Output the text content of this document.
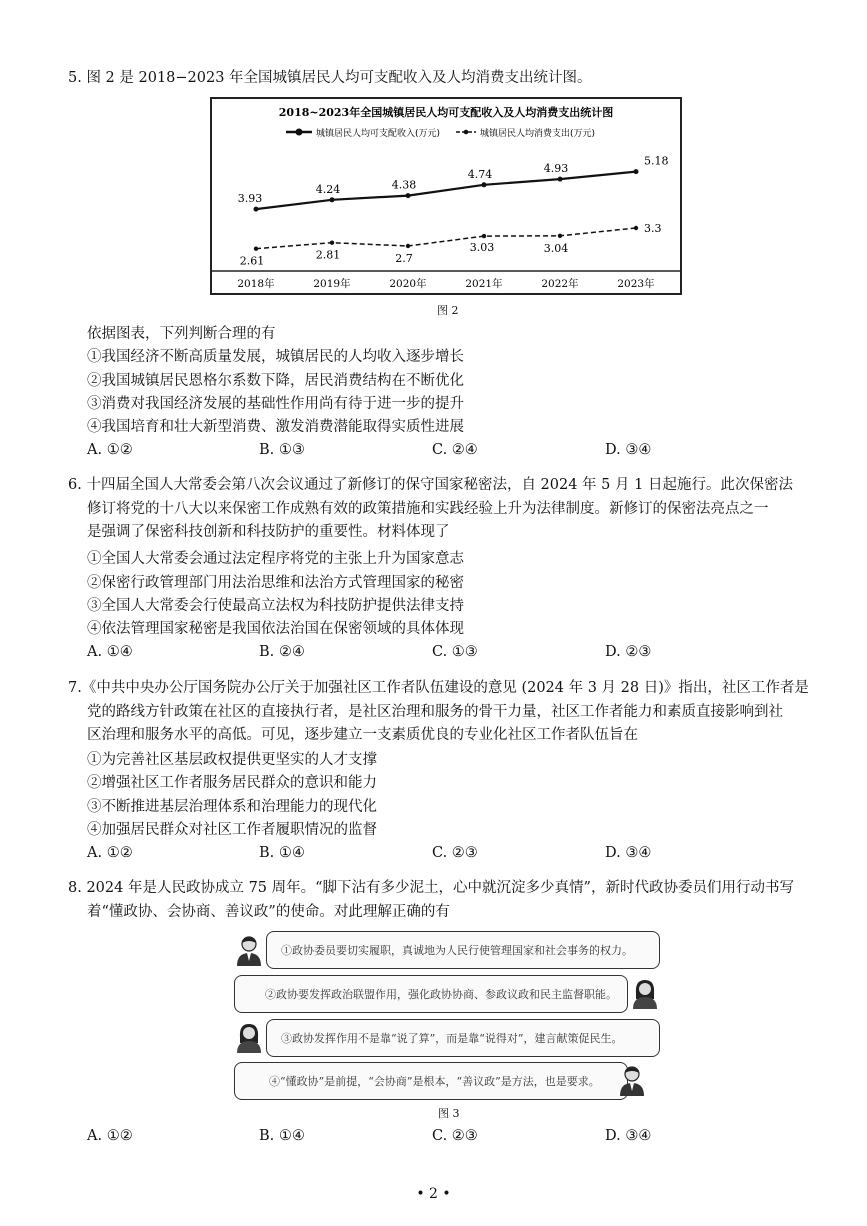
5. 图 2 是 2018−2023 年全国城镇居民人均可支配收入及人均消费支出统计图。
2018~2023年全国城镇居民人均可支配收入及人均消费支出统计图
城镇居民人均可支配收入(万元)	城镇居民人均消费支出(万元)
2018年	2019年	2020年	2021年	2022年	2023年
3.93
4.24	4.38
4.74	4.93
5.18
2.61	2.81	2.7
3.03	3.04
3.3
图 2
依据图表，下列判断合理的有
①我国经济不断高质量发展，城镇居民的人均收入逐步增长
②我国城镇居民恩格尔系数下降，居民消费结构在不断优化
③消费对我国经济发展的基础性作用尚有待于进一步的提升
④我国培育和壮大新型消费、激发消费潜能取得实质性进展
A. ①②	B. ①③	C. ②④	D. ③④
6. 十四届全国人大常委会第八次会议通过了新修订的保守国家秘密法，自 2024 年 5 月 1 日起施行。此次保密法
修订将党的十八大以来保密工作成熟有效的政策措施和实践经验上升为法律制度。新修订的保密法亮点之一
是强调了保密科技创新和科技防护的重要性。材料体现了
①全国人大常委会通过法定程序将党的主张上升为国家意志
②保密行政管理部门用法治思维和法治方式管理国家的秘密
③全国人大常委会行使最高立法权为科技防护提供法律支持
④依法管理国家秘密是我国依法治国在保密领域的具体体现
A. ①④	B. ②④	C. ①③	D. ②③
7.《中共中央办公厅国务院办公厅关于加强社区工作者队伍建设的意见 (2024 年 3 月 28 日)》指出，社区工作者是
党的路线方针政策在社区的直接执行者，是社区治理和服务的骨干力量，社区工作者能力和素质直接影响到社
区治理和服务水平的高低。可见，逐步建立一支素质优良的专业化社区工作者队伍旨在
①为完善社区基层政权提供更坚实的人才支撑
②增强社区工作者服务居民群众的意识和能力
③不断推进基层治理体系和治理能力的现代化
④加强居民群众对社区工作者履职情况的监督
A. ①②	B. ①④	C. ②③	D. ③④
8. 2024 年是人民政协成立 75 周年。“脚下沾有多少泥土，心中就沉淀多少真情”，新时代政协委员们用行动书写
着“懂政协、会协商、善议政”的使命。对此理解正确的有
①政协委员要切实履职，真诚地为人民行使管理国家和社会事务的权力。
②政协要发挥政治联盟作用，强化政协协商、参政议政和民主监督职能。
③政协发挥作用不是靠“说了算”，而是靠“说得对”，建言献策促民生。
④“懂政协”是前提，“会协商”是根本，“善议政”是方法，也是要求。
图 3
A. ①②	B. ①④	C. ②③	D. ③④
• 2 •
